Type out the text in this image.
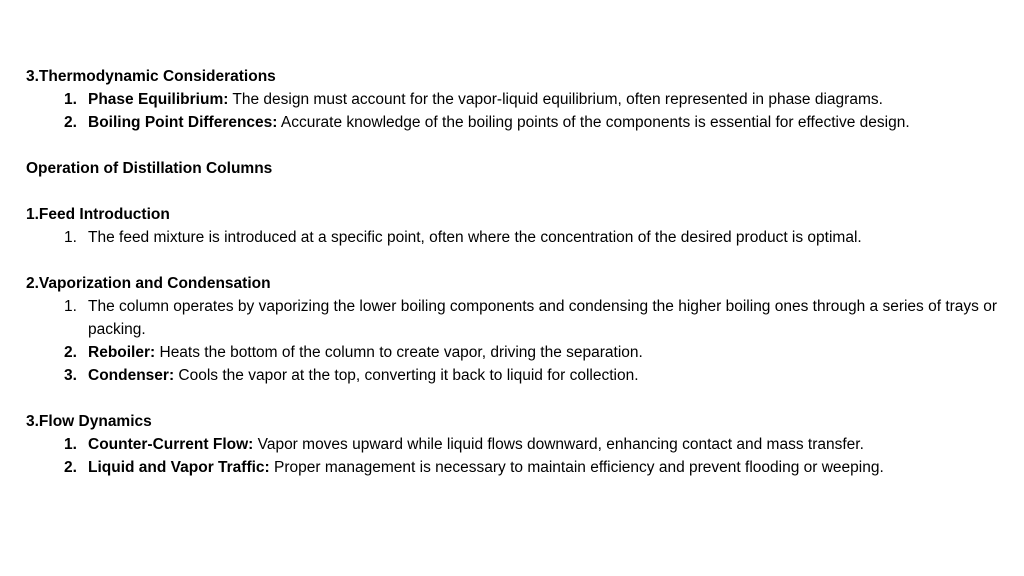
3.Thermodynamic Considerations
1. Phase Equilibrium: The design must account for the vapor-liquid equilibrium, often represented in phase diagrams.
2. Boiling Point Differences: Accurate knowledge of the boiling points of the components is essential for effective design.
Operation of Distillation Columns
1.Feed Introduction
1. The feed mixture is introduced at a specific point, often where the concentration of the desired product is optimal.
2.Vaporization and Condensation
1. The column operates by vaporizing the lower boiling components and condensing the higher boiling ones through a series of trays or packing.
2. Reboiler: Heats the bottom of the column to create vapor, driving the separation.
3. Condenser: Cools the vapor at the top, converting it back to liquid for collection.
3.Flow Dynamics
1. Counter-Current Flow: Vapor moves upward while liquid flows downward, enhancing contact and mass transfer.
2. Liquid and Vapor Traffic: Proper management is necessary to maintain efficiency and prevent flooding or weeping.
